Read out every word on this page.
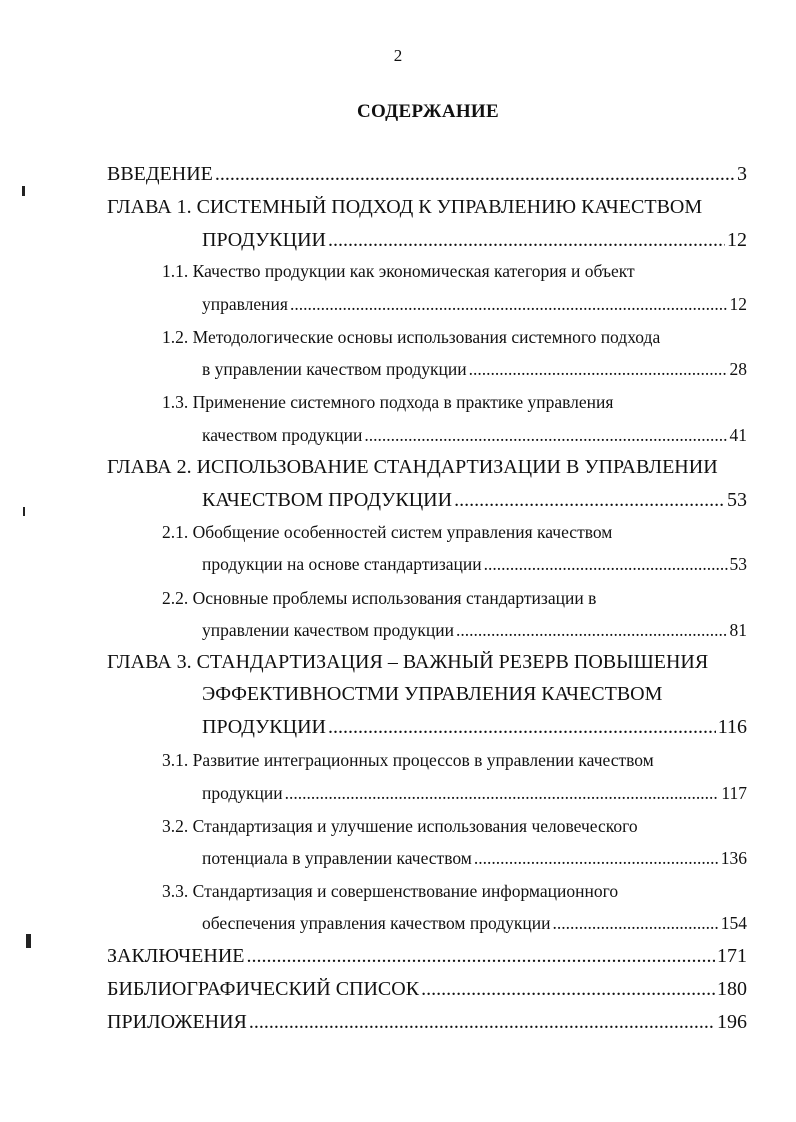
2
СОДЕРЖАНИЕ
ВВЕДЕНИЕ .....	3
ГЛАВА 1. СИСТЕМНЫЙ ПОДХОД К УПРАВЛЕНИЮ КАЧЕСТВОМ
ПРОДУКЦИИ .....	12
1.1. Качество продукции как экономическая категория и объект
управления .....	12
1.2. Методологические основы использования системного подхода
в управлении качеством продукции .....	28
1.3. Применение системного подхода в практике управления
качеством продукции .....	41
ГЛАВА 2. ИСПОЛЬЗОВАНИЕ СТАНДАРТИЗАЦИИ В УПРАВЛЕНИИ
КАЧЕСТВОМ ПРОДУКЦИИ .....	53
2.1. Обобщение особенностей систем управления качеством
продукции на основе стандартизации .....	53
2.2. Основные проблемы использования стандартизации в
управлении качеством продукции .....	81
ГЛАВА 3. СТАНДАРТИЗАЦИЯ – ВАЖНЫЙ РЕЗЕРВ ПОВЫШЕНИЯ
ЭФФЕКТИВНОСТМИ УПРАВЛЕНИЯ КАЧЕСТВОМ
ПРОДУКЦИИ .....	116
3.1. Развитие интеграционных процессов в управлении качеством
продукции .....	117
3.2. Стандартизация и улучшение использования человеческого
потенциала в управлении качеством .....	136
3.3. Стандартизация и совершенствование информационного
обеспечения управления качеством продукции .....	154
ЗАКЛЮЧЕНИЕ .....	171
БИБЛИОГРАФИЧЕСКИЙ СПИСОК .....	180
ПРИЛОЖЕНИЯ .....	196
